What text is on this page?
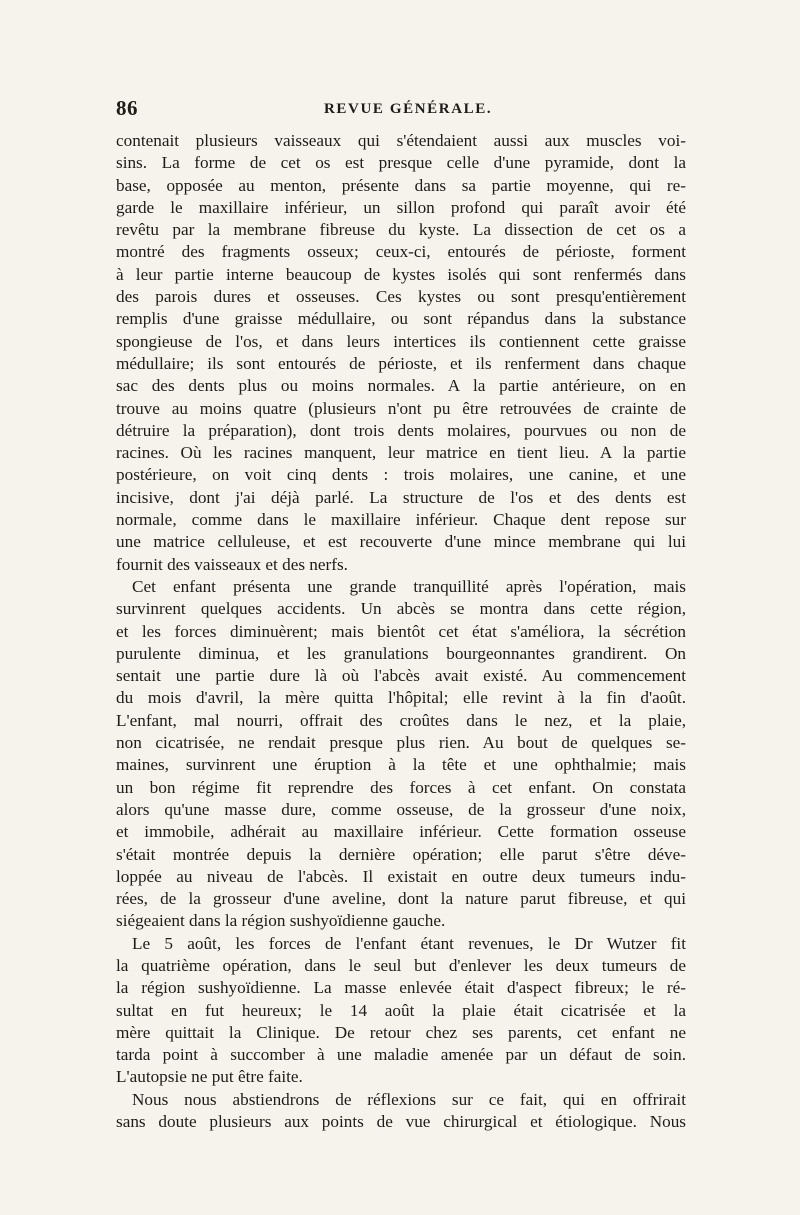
86	REVUE GÉNÉRALE.
contenait plusieurs vaisseaux qui s'étendaient aussi aux muscles voi-
sins. La forme de cet os est presque celle d'une pyramide, dont la
base, opposée au menton, présente dans sa partie moyenne, qui re-
garde le maxillaire inférieur, un sillon profond qui paraît avoir été
revêtu par la membrane fibreuse du kyste. La dissection de cet os a
montré des fragments osseux; ceux-ci, entourés de périoste, forment
à leur partie interne beaucoup de kystes isolés qui sont renfermés dans
des parois dures et osseuses. Ces kystes ou sont presqu'entièrement
remplis d'une graisse médullaire, ou sont répandus dans la substance
spongieuse de l'os, et dans leurs intertices ils contiennent cette graisse
médullaire; ils sont entourés de périoste, et ils renferment dans chaque
sac des dents plus ou moins normales. A la partie antérieure, on en
trouve au moins quatre (plusieurs n'ont pu être retrouvées de crainte de
détruire la préparation), dont trois dents molaires, pourvues ou non de
racines. Où les racines manquent, leur matrice en tient lieu. A la partie
postérieure, on voit cinq dents : trois molaires, une canine, et une
incisive, dont j'ai déjà parlé. La structure de l'os et des dents est
normale, comme dans le maxillaire inférieur. Chaque dent repose sur
une matrice celluleuse, et est recouverte d'une mince membrane qui lui
fournit des vaisseaux et des nerfs.
Cet enfant présenta une grande tranquillité après l'opération, mais
survinrent quelques accidents. Un abcès se montra dans cette région,
et les forces diminuèrent; mais bientôt cet état s'améliora, la sécrétion
purulente diminua, et les granulations bourgeonnantes grandirent. On
sentait une partie dure là où l'abcès avait existé. Au commencement
du mois d'avril, la mère quitta l'hôpital; elle revint à la fin d'août.
L'enfant, mal nourri, offrait des croûtes dans le nez, et la plaie,
non cicatrisée, ne rendait presque plus rien. Au bout de quelques se-
maines, survinrent une éruption à la tête et une ophthalmie; mais
un bon régime fit reprendre des forces à cet enfant. On constata
alors qu'une masse dure, comme osseuse, de la grosseur d'une noix,
et immobile, adhérait au maxillaire inférieur. Cette formation osseuse
s'était montrée depuis la dernière opération; elle parut s'être déve-
loppée au niveau de l'abcès. Il existait en outre deux tumeurs indu-
rées, de la grosseur d'une aveline, dont la nature parut fibreuse, et qui
siégeaient dans la région sushyoïdienne gauche.
Le 5 août, les forces de l'enfant étant revenues, le Dr Wutzer fit
la quatrième opération, dans le seul but d'enlever les deux tumeurs de
la région sushyoïdienne. La masse enlevée était d'aspect fibreux; le ré-
sultat en fut heureux; le 14 août la plaie était cicatrisée et la
mère quittait la Clinique. De retour chez ses parents, cet enfant ne
tarda point à succomber à une maladie amenée par un défaut de soin.
L'autopsie ne put être faite.
Nous nous abstiendrons de réflexions sur ce fait, qui en offrirait
sans doute plusieurs aux points de vue chirurgical et étiologique. Nous
